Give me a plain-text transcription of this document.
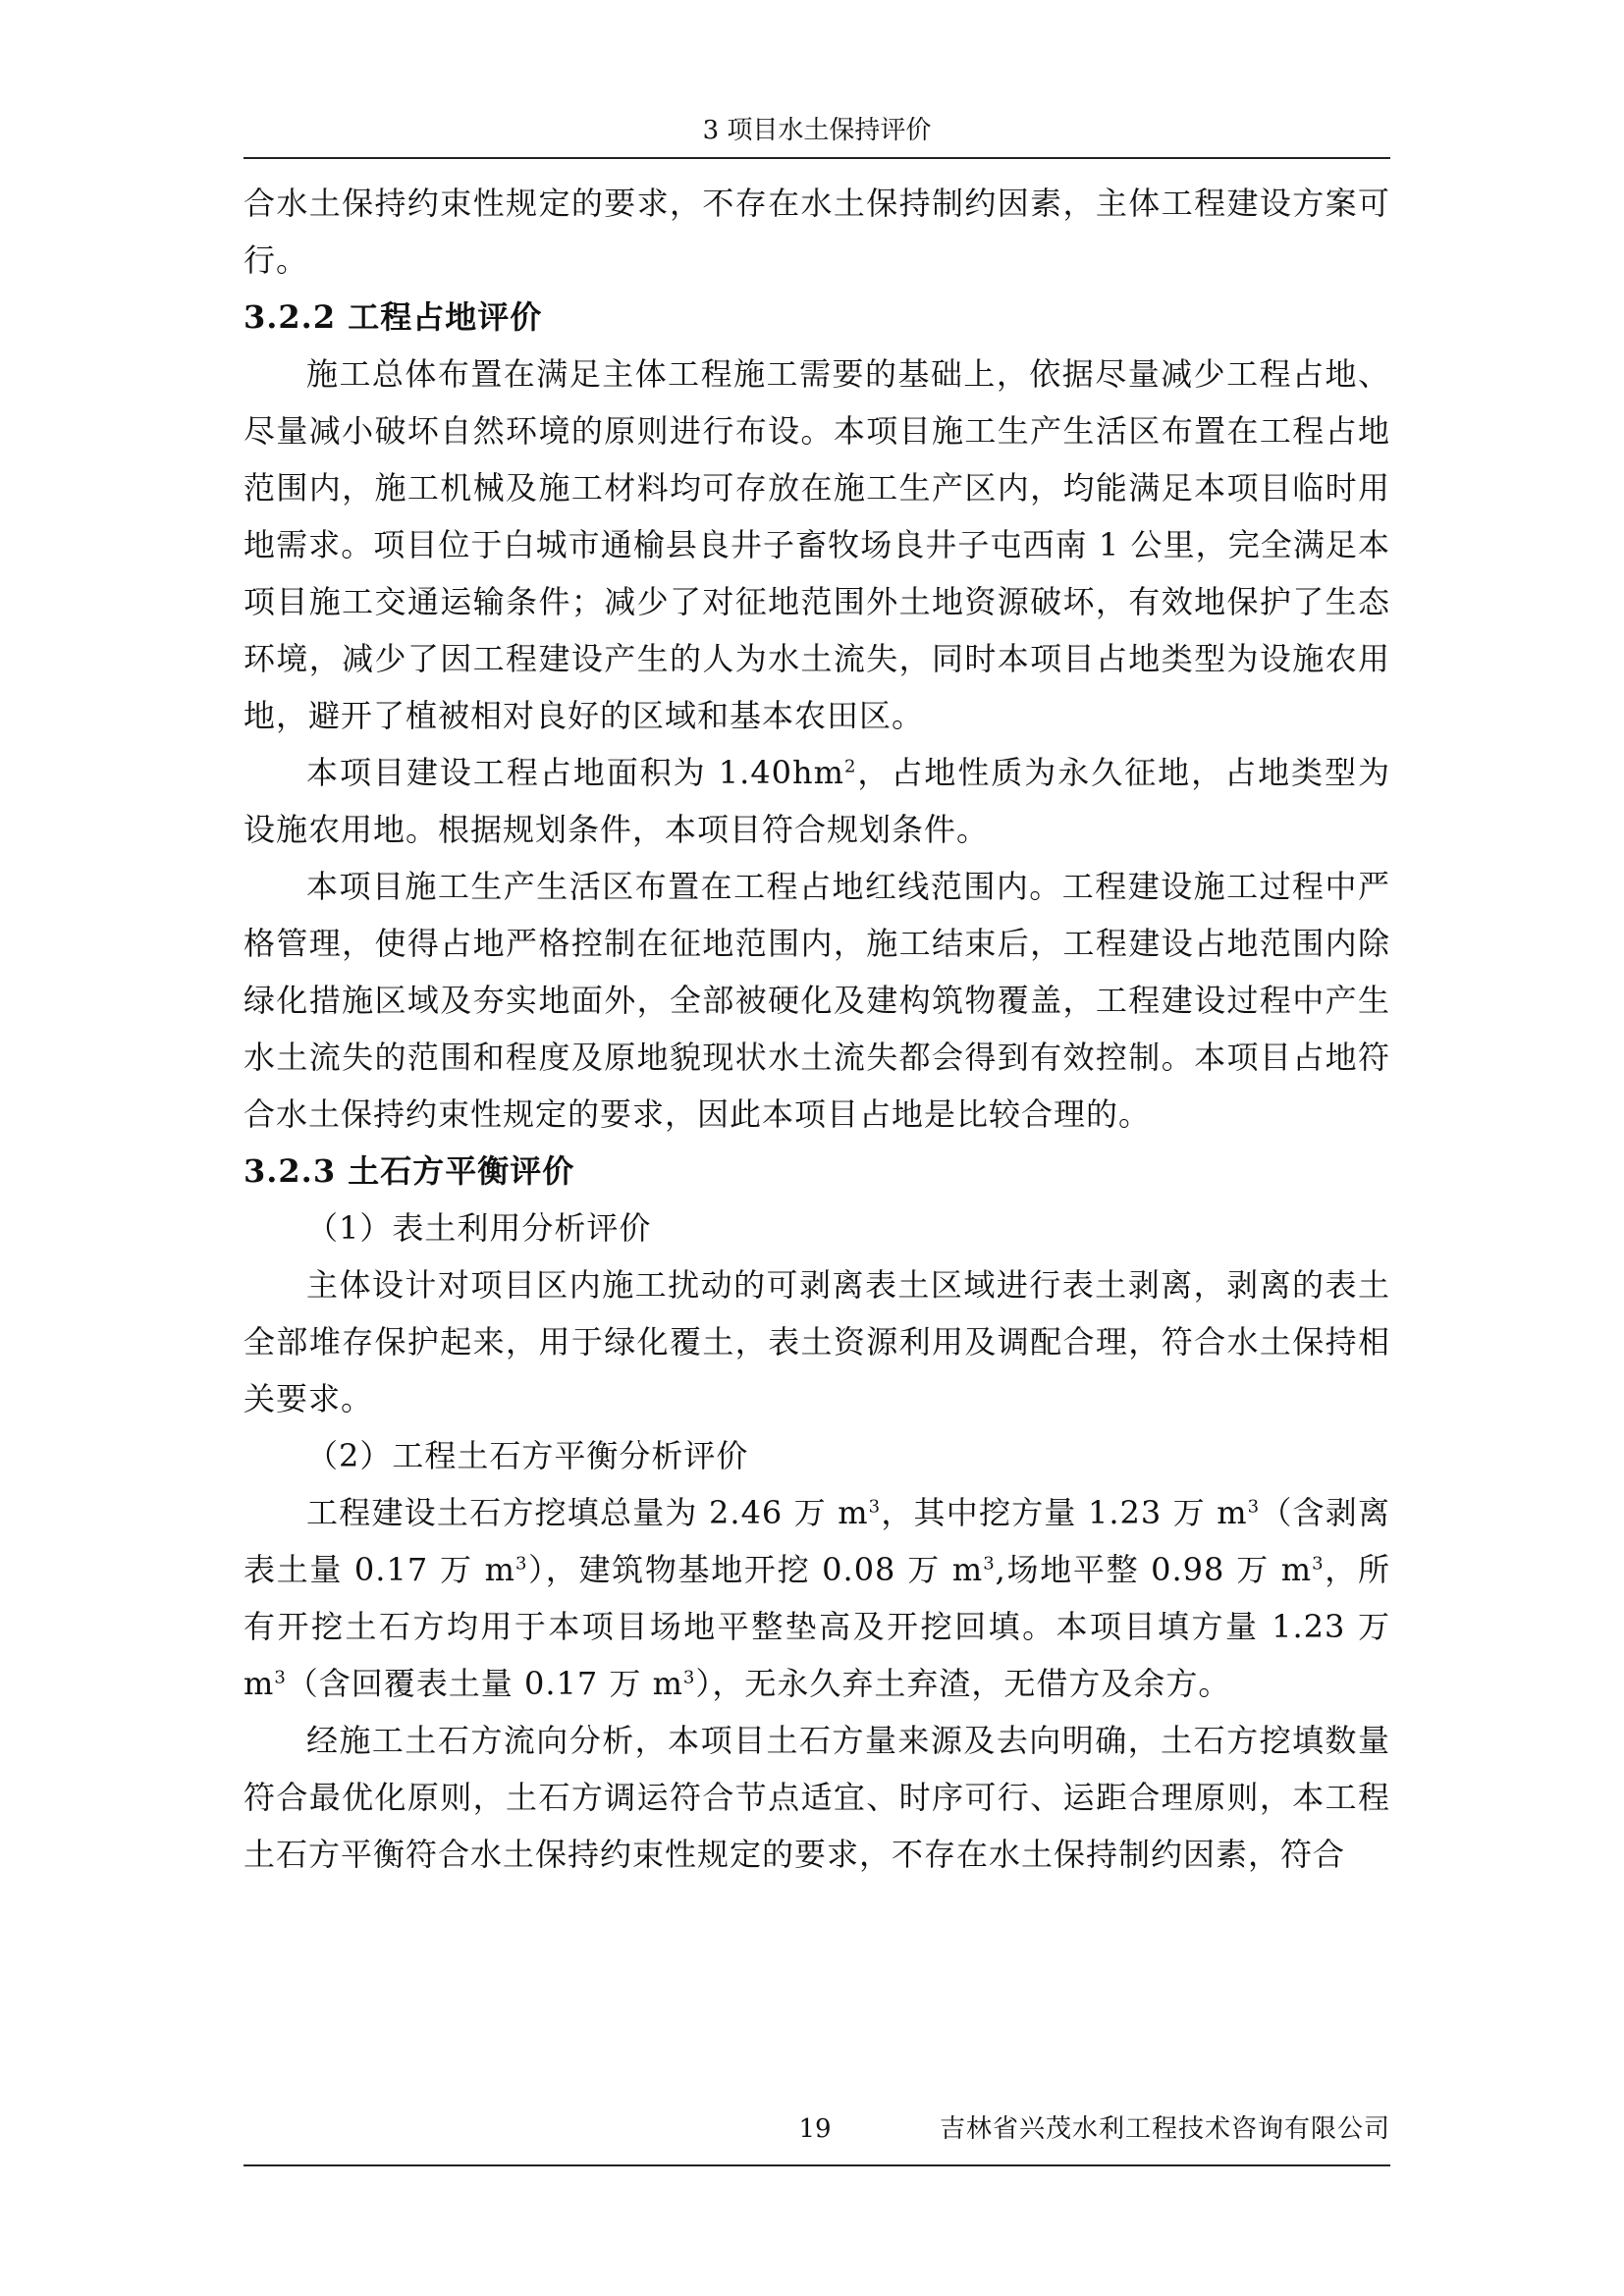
3 项目水土保持评价

合水土保持约束性规定的要求，不存在水土保持制约因素，主体工程建设方案可行。

3.2.2 工程占地评价

施工总体布置在满足主体工程施工需要的基础上，依据尽量减少工程占地、尽量减小破坏自然环境的原则进行布设。本项目施工生产生活区布置在工程占地范围内，施工机械及施工材料均可存放在施工生产区内，均能满足本项目临时用地需求。项目位于白城市通榆县良井子畜牧场良井子屯西南 1 公里，完全满足本项目施工交通运输条件；减少了对征地范围外土地资源破坏，有效地保护了生态环境，减少了因工程建设产生的人为水土流失，同时本项目占地类型为设施农用地，避开了植被相对良好的区域和基本农田区。

本项目建设工程占地面积为 $1.40hm^2$，占地性质为永久征地，占地类型为设施农用地。根据规划条件，本项目符合规划条件。

本项目施工生产生活区布置在工程占地红线范围内。工程建设施工过程中严格管理，使得占地严格控制在征地范围内，施工结束后，工程建设占地范围内除绿化措施区域及夯实地面外，全部被硬化及建构筑物覆盖，工程建设过程中产生水土流失的范围和程度及原地貌现状水土流失都会得到有效控制。本项目占地符合水土保持约束性规定的要求，因此本项目占地是比较合理的。

3.2.3 土石方平衡评价

（1）表土利用分析评价

主体设计对项目区内施工扰动的可剥离表土区域进行表土剥离，剥离的表土全部堆存保护起来，用于绿化覆土，表土资源利用及调配合理，符合水土保持相关要求。

（2）工程土石方平衡分析评价

工程建设土石方挖填总量为 2.46 万 $m^3$，其中挖方量 1.23 万 $m^3$（含剥离表土量 0.17 万 $m^3$），建筑物基地开挖 0.08 万 $m^3$,场地平整 0.98 万 $m^3$，所有开挖土石方均用于本项目场地平整垫高及开挖回填。本项目填方量 1.23 万 $m^3$（含回覆表土量 0.17 万 $m^3$），无永久弃土弃渣，无借方及余方。

经施工土石方流向分析，本项目土石方量来源及去向明确，土石方挖填数量符合最优化原则，土石方调运符合节点适宜、时序可行、运距合理原则，本工程土石方平衡符合水土保持约束性规定的要求，不存在水土保持制约因素，符合

19	吉林省兴茂水利工程技术咨询有限公司
